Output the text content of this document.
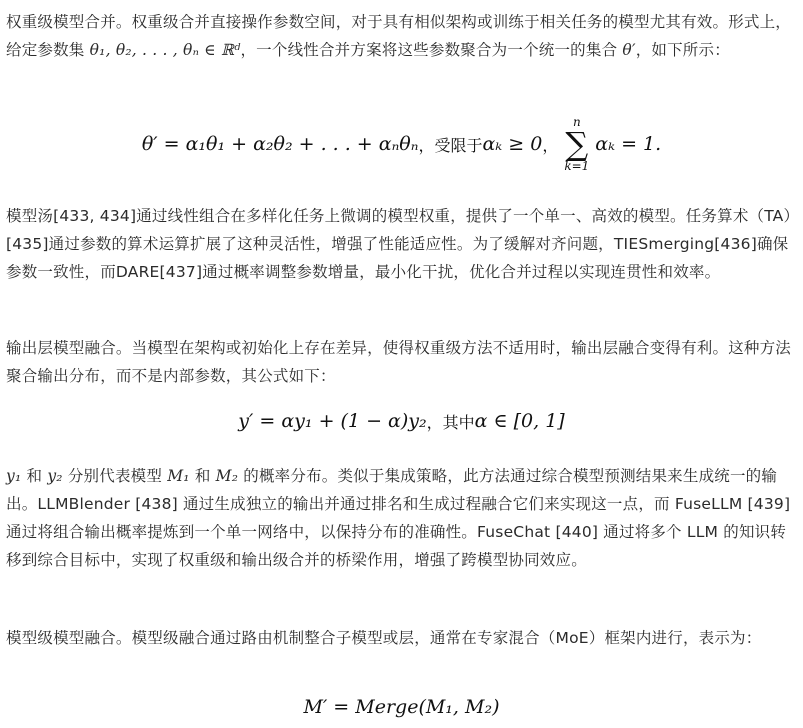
权重级模型合并。权重级合并直接操作参数空间，对于具有相似架构或训练于相关任务的模型尤其有效。形式上，给定参数集 θ₁, θ₂, . . . , θₙ ∈ ℝᵈ，一个线性合并方案将这些参数聚合为一个统一的集合 θ′，如下所示：

θ′ = α₁θ₁ + α₂θ₂ + . . . + αₙθₙ ，受限于 αₖ ≥ 0 ，
n
∑
k=1
αₖ = 1.

模型汤[433, 434]通过线性组合在多样化任务上微调的模型权重，提供了一个单一、高效的模型。任务算术（TA）[435]通过参数的算术运算扩展了这种灵活性，增强了性能适应性。为了缓解对齐问题，TIESmerging[436]确保参数一致性，而DARE[437]通过概率调整参数增量，最小化干扰，优化合并过程以实现连贯性和效率。

输出层模型融合。当模型在架构或初始化上存在差异，使得权重级方法不适用时，输出层融合变得有利。这种方法聚合输出分布，而不是内部参数，其公式如下：

y′ = αy₁ + (1 − α)y₂ ，其中 α ∈ [0, 1]

y₁ 和 y₂ 分别代表模型 M₁ 和 M₂ 的概率分布。类似于集成策略，此方法通过综合模型预测结果来生成统一的输出。LLMBlender [438] 通过生成独立的输出并通过排名和生成过程融合它们来实现这一点，而 FuseLLM [439] 通过将组合输出概率提炼到一个单一网络中，以保持分布的准确性。FuseChat [440] 通过将多个 LLM 的知识转移到综合目标中，实现了权重级和输出级合并的桥梁作用，增强了跨模型协同效应。

模型级模型融合。模型级融合通过路由机制整合子模型或层，通常在专家混合（MoE）框架内进行，表示为：

M′ = Merge(M₁, M₂)
